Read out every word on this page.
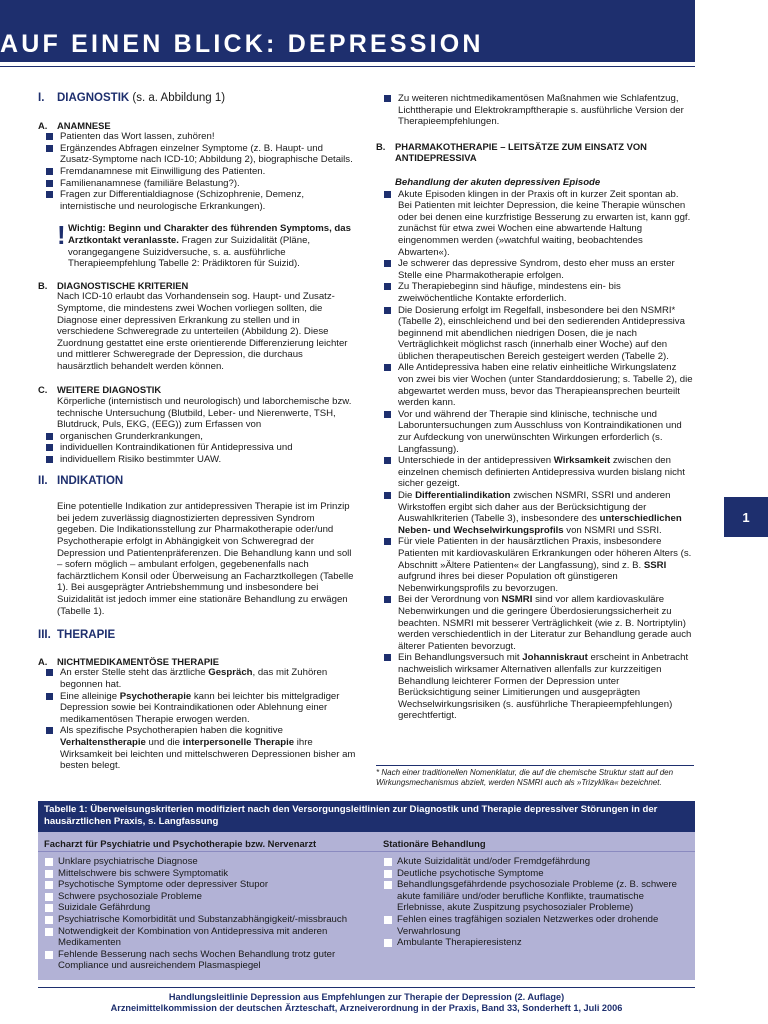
AUF EINEN BLICK: DEPRESSION
1

I. DIAGNOSTIK (s. a. Abbildung 1)

A. ANAMNESE

Patienten das Wort lassen, zuhören!
Ergänzendes Abfragen einzelner Symptome (z. B. Haupt- und Zusatz-Symptome nach ICD-10; Abbildung 2), biographische Details.
Fremdanamnese mit Einwilligung des Patienten.
Familienanamnese (familiäre Belastung?).
Fragen zur Differentialdiagnose (Schizophrenie, Demenz, internistische und neurologische Erkrankungen).
! Wichtig: Beginn und Charakter des führenden Symptoms, das Arztkontakt veranlasste. Fragen zur Suizidalität (Pläne, vorangegangene Suizidversuche, s. a. ausführliche Therapieempfehlung Tabelle 2: Prädiktoren für Suizid).

B. DIAGNOSTISCHE KRITERIEN

Nach ICD-10 erlaubt das Vorhandensein sog. Haupt- und Zusatz-Symptome, die mindestens zwei Wochen vorliegen sollten, die Diagnose einer depressiven Erkrankung zu stellen und in verschiedene Schweregrade zu unterteilen (Abbildung 2). Diese Zuordnung gestattet eine erste orientierende Differenzierung leichter und mittlerer Schweregrade der Depression, die durchaus hausärztlich behandelt werden können.

C. WEITERE DIAGNOSTIK

Körperliche (internistisch und neurologisch) und laborchemische bzw. technische Untersuchung (Blutbild, Leber- und Nierenwerte, TSH, Blutdruck, Puls, EKG, (EEG)) zum Erfassen von

organischen Grunderkrankungen,
individuellen Kontraindikationen für Antidepressiva und
individuellem Risiko bestimmter UAW.

II. INDIKATION

Eine potentielle Indikation zur antidepressiven Therapie ist im Prinzip bei jedem zuverlässig diagnostizierten depressiven Syndrom gegeben. Die Indikationsstellung zur Pharmakotherapie oder/und Psychotherapie erfolgt in Abhängigkeit von Schweregrad der Depression und Patientenpräferenzen. Die Behandlung kann und soll – sofern möglich – ambulant erfolgen, gegebenenfalls nach fachärztlichem Konsil oder Überweisung an Facharztkollegen (Tabelle 1). Bei ausgeprägter Antriebshemmung und insbesondere bei Suizidalität ist jedoch immer eine stationäre Behandlung zu erwägen (Tabelle 1).

III. THERAPIE

A. NICHTMEDIKAMENTÖSE THERAPIE

An erster Stelle steht das ärztliche Gespräch, das mit Zuhören begonnen hat.
Eine alleinige Psychotherapie kann bei leichter bis mittelgradiger Depression sowie bei Kontraindikationen oder Ablehnung einer medikamentösen Therapie erwogen werden.
Als spezifische Psychotherapien haben die kognitive Verhaltenstherapie und die interpersonelle Therapie ihre Wirksamkeit bei leichten und mittelschweren Depressionen bisher am besten belegt.
Zu weiteren nichtmedikamentösen Maßnahmen wie Schlafentzug, Lichttherapie und Elektrokrampftherapie s. ausführliche Version der Therapieempfehlungen.

B.	PHARMAKOTHERAPIE – LEITSÄTZE ZUM EINSATZ VON ANTIDEPRESSIVA

Behandlung der akuten depressiven Episode

Akute Episoden klingen in der Praxis oft in kurzer Zeit spontan ab. Bei Patienten mit leichter Depression, die keine Therapie wünschen oder bei denen eine kurzfristige Besserung zu erwarten ist, kann ggf. zunächst für etwa zwei Wochen eine abwartende Haltung eingenommen werden (»watchful waiting, beobachtendes Abwarten«).
Je schwerer das depressive Syndrom, desto eher muss an erster Stelle eine Pharmakotherapie erfolgen.
Zu Therapiebeginn sind häufige, mindestens ein- bis zweiwöchentliche Kontakte erforderlich.
Die Dosierung erfolgt im Regelfall, insbesondere bei den NSMRI* (Tabelle 2), einschleichend und bei den sedierenden Antidepressiva beginnend mit abendlichen niedrigen Dosen, die je nach Verträglichkeit möglichst rasch (innerhalb einer Woche) auf den üblichen therapeutischen Bereich gesteigert werden (Tabelle 2).
Alle Antidepressiva haben eine relativ einheitliche Wirkungslatenz von zwei bis vier Wochen (unter Standarddosierung; s. Tabelle 2), die abgewartet werden muss, bevor das Therapieansprechen beurteilt werden kann.
Vor und während der Therapie sind klinische, technische und Laboruntersuchungen zum Ausschluss von Kontraindikationen und zur Aufdeckung von unerwünschten Wirkungen erforderlich (s. Langfassung).
Unterschiede in der antidepressiven Wirksamkeit zwischen den einzelnen chemisch definierten Antidepressiva wurden bislang nicht sicher gezeigt.
Die Differentialindikation zwischen NSMRI, SSRI und anderen Wirkstoffen ergibt sich daher aus der Berücksichtigung der Auswahlkriterien (Tabelle 3), insbesondere des unterschiedlichen Neben- und Wechselwirkungsprofils von NSMRI und SSRI.
Für viele Patienten in der hausärztlichen Praxis, insbesondere Patienten mit kardiovaskulären Erkrankungen oder höheren Alters (s. Abschnitt »Ältere Patienten« der Langfassung), sind z. B. SSRI aufgrund ihres bei dieser Population oft günstigeren Nebenwirkungsprofils zu bevorzugen.
Bei der Verordnung von NSMRI sind vor allem kardiovaskuläre Nebenwirkungen und die geringere Überdosierungssicherheit zu beachten. NSMRI mit besserer Verträglichkeit (wie z. B. Nortriptylin) werden verschiedentlich in der Literatur zur Behandlung gerade auch älterer Patienten bevorzugt.
Ein Behandlungsversuch mit Johanniskraut erscheint in Anbetracht nachweislich wirksamer Alternativen allenfalls zur kurzzeitigen Behandlung leichterer Formen der Depression unter Berücksichtigung seiner Limitierungen und ausgeprägten Wechselwirkungsrisiken (s. ausführliche Therapieempfehlungen) gerechtfertigt.
* Nach einer traditionellen Nomenklatur, die auf die chemische Struktur statt auf den Wirkungsmechanismus abzielt, werden NSMRI auch als »Trizyklika« bezeichnet.
Tabelle 1: Überweisungskriterien modifiziert nach den Versorgungsleitlinien zur Diagnostik und Therapie depressiver Störungen in der hausärztlichen Praxis, s. Langfassung
Facharzt für Psychiatrie und Psychotherapie bzw. Nervenarzt	Stationäre Behandlung
Unklare psychiatrische Diagnose
Mittelschwere bis schwere Symptomatik
Psychotische Symptome oder depressiver Stupor
Schwere psychosoziale Probleme
Suizidale Gefährdung
Psychiatrische Komorbidität und Substanzabhängigkeit/-missbrauch
Notwendigkeit der Kombination von Antidepressiva mit anderen Medikamenten
Fehlende Besserung nach sechs Wochen Behandlung trotz guter Compliance und ausreichendem Plasmaspiegel
Akute Suizidalität und/oder Fremdgefährdung
Deutliche psychotische Symptome
Behandlungsgefährdende psychosoziale Probleme (z. B. schwere akute familiäre und/oder berufliche Konflikte, traumatische Erlebnisse, akute Zuspitzung psychosozialer Probleme)
Fehlen eines tragfähigen sozialen Netzwerkes oder drohende Verwahrlosung
Ambulante Therapieresistenz
Handlungsleitlinie Depression aus Empfehlungen zur Therapie der Depression (2. Auflage)
Arzneimittelkommission der deutschen Ärzteschaft, Arzneiverordnung in der Praxis, Band 33, Sonderheft 1, Juli 2006
